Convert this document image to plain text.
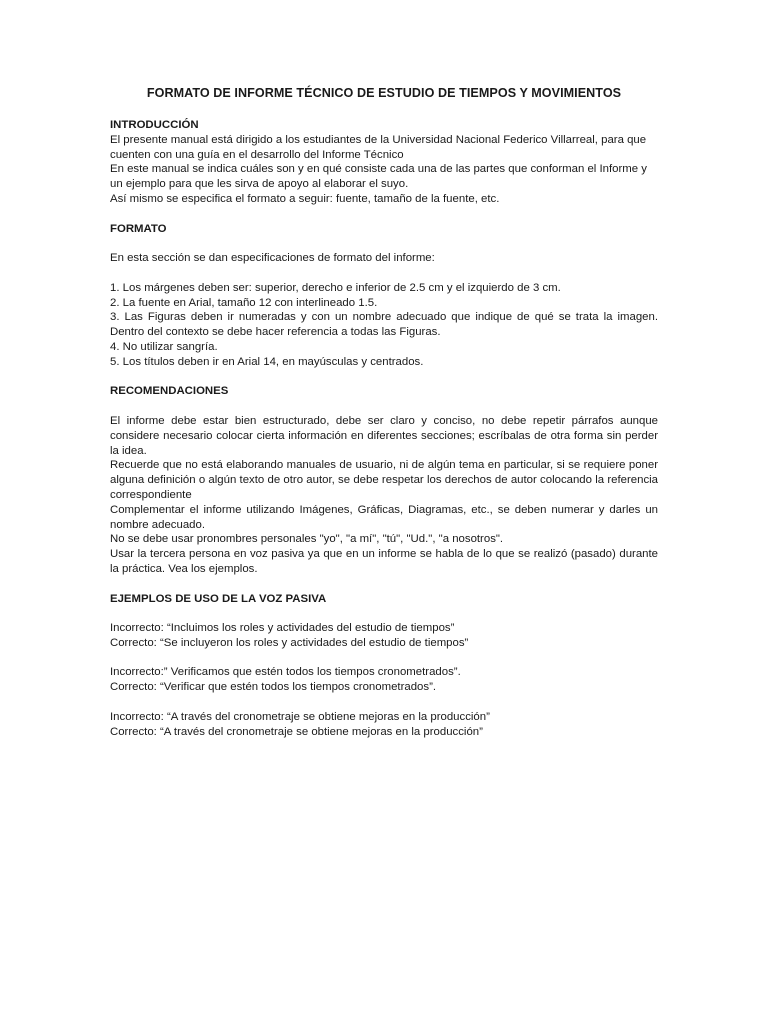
FORMATO DE INFORME TÉCNICO DE ESTUDIO DE TIEMPOS Y MOVIMIENTOS

INTRODUCCIÓN

El presente manual está dirigido a los estudiantes de la Universidad Nacional Federico Villarreal, para que cuenten con una guía en el desarrollo del Informe Técnico

En este manual se indica cuáles son y en qué consiste cada una de las partes que conforman el Informe y un ejemplo para que les sirva de apoyo al elaborar el suyo.

Así mismo se especifica el formato a seguir: fuente, tamaño de la fuente, etc.

FORMATO

En esta sección se dan especificaciones de formato del informe:

1. Los márgenes deben ser: superior, derecho e inferior de 2.5 cm y el izquierdo de 3 cm.

2. La fuente en Arial, tamaño 12 con interlineado 1.5.

3. Las Figuras deben ir numeradas y con un nombre adecuado que indique de qué se trata la imagen. Dentro del contexto se debe hacer referencia a todas las Figuras.

4. No utilizar sangría.

5. Los títulos deben ir en Arial 14, en mayúsculas y centrados.

RECOMENDACIONES

El informe debe estar bien estructurado, debe ser claro y conciso, no debe repetir párrafos aunque considere necesario colocar cierta información en diferentes secciones; escríbalas de otra forma sin perder la idea.

Recuerde que no está elaborando manuales de usuario, ni de algún tema en particular, si se requiere poner alguna definición o algún texto de otro autor, se debe respetar los derechos de autor colocando la referencia correspondiente

Complementar el informe utilizando Imágenes, Gráficas, Diagramas, etc., se deben numerar y darles un nombre adecuado.

No se debe usar pronombres personales "yo", "a mí", "tú", "Ud.", "a nosotros".

Usar la tercera persona en voz pasiva ya que en un informe se habla de lo que se realizó (pasado) durante la práctica. Vea los ejemplos.

EJEMPLOS DE USO DE LA VOZ PASIVA

Incorrecto: “Incluimos los roles y actividades del estudio de tiempos”

Correcto: “Se incluyeron los roles y actividades del estudio de tiempos”

Incorrecto:” Verificamos que estén todos los tiempos cronometrados”.

Correcto: “Verificar que estén todos los tiempos cronometrados”.

Incorrecto: “A través del cronometraje se obtiene mejoras en la producción”

Correcto: “A través del cronometraje se obtiene mejoras en la producción”
